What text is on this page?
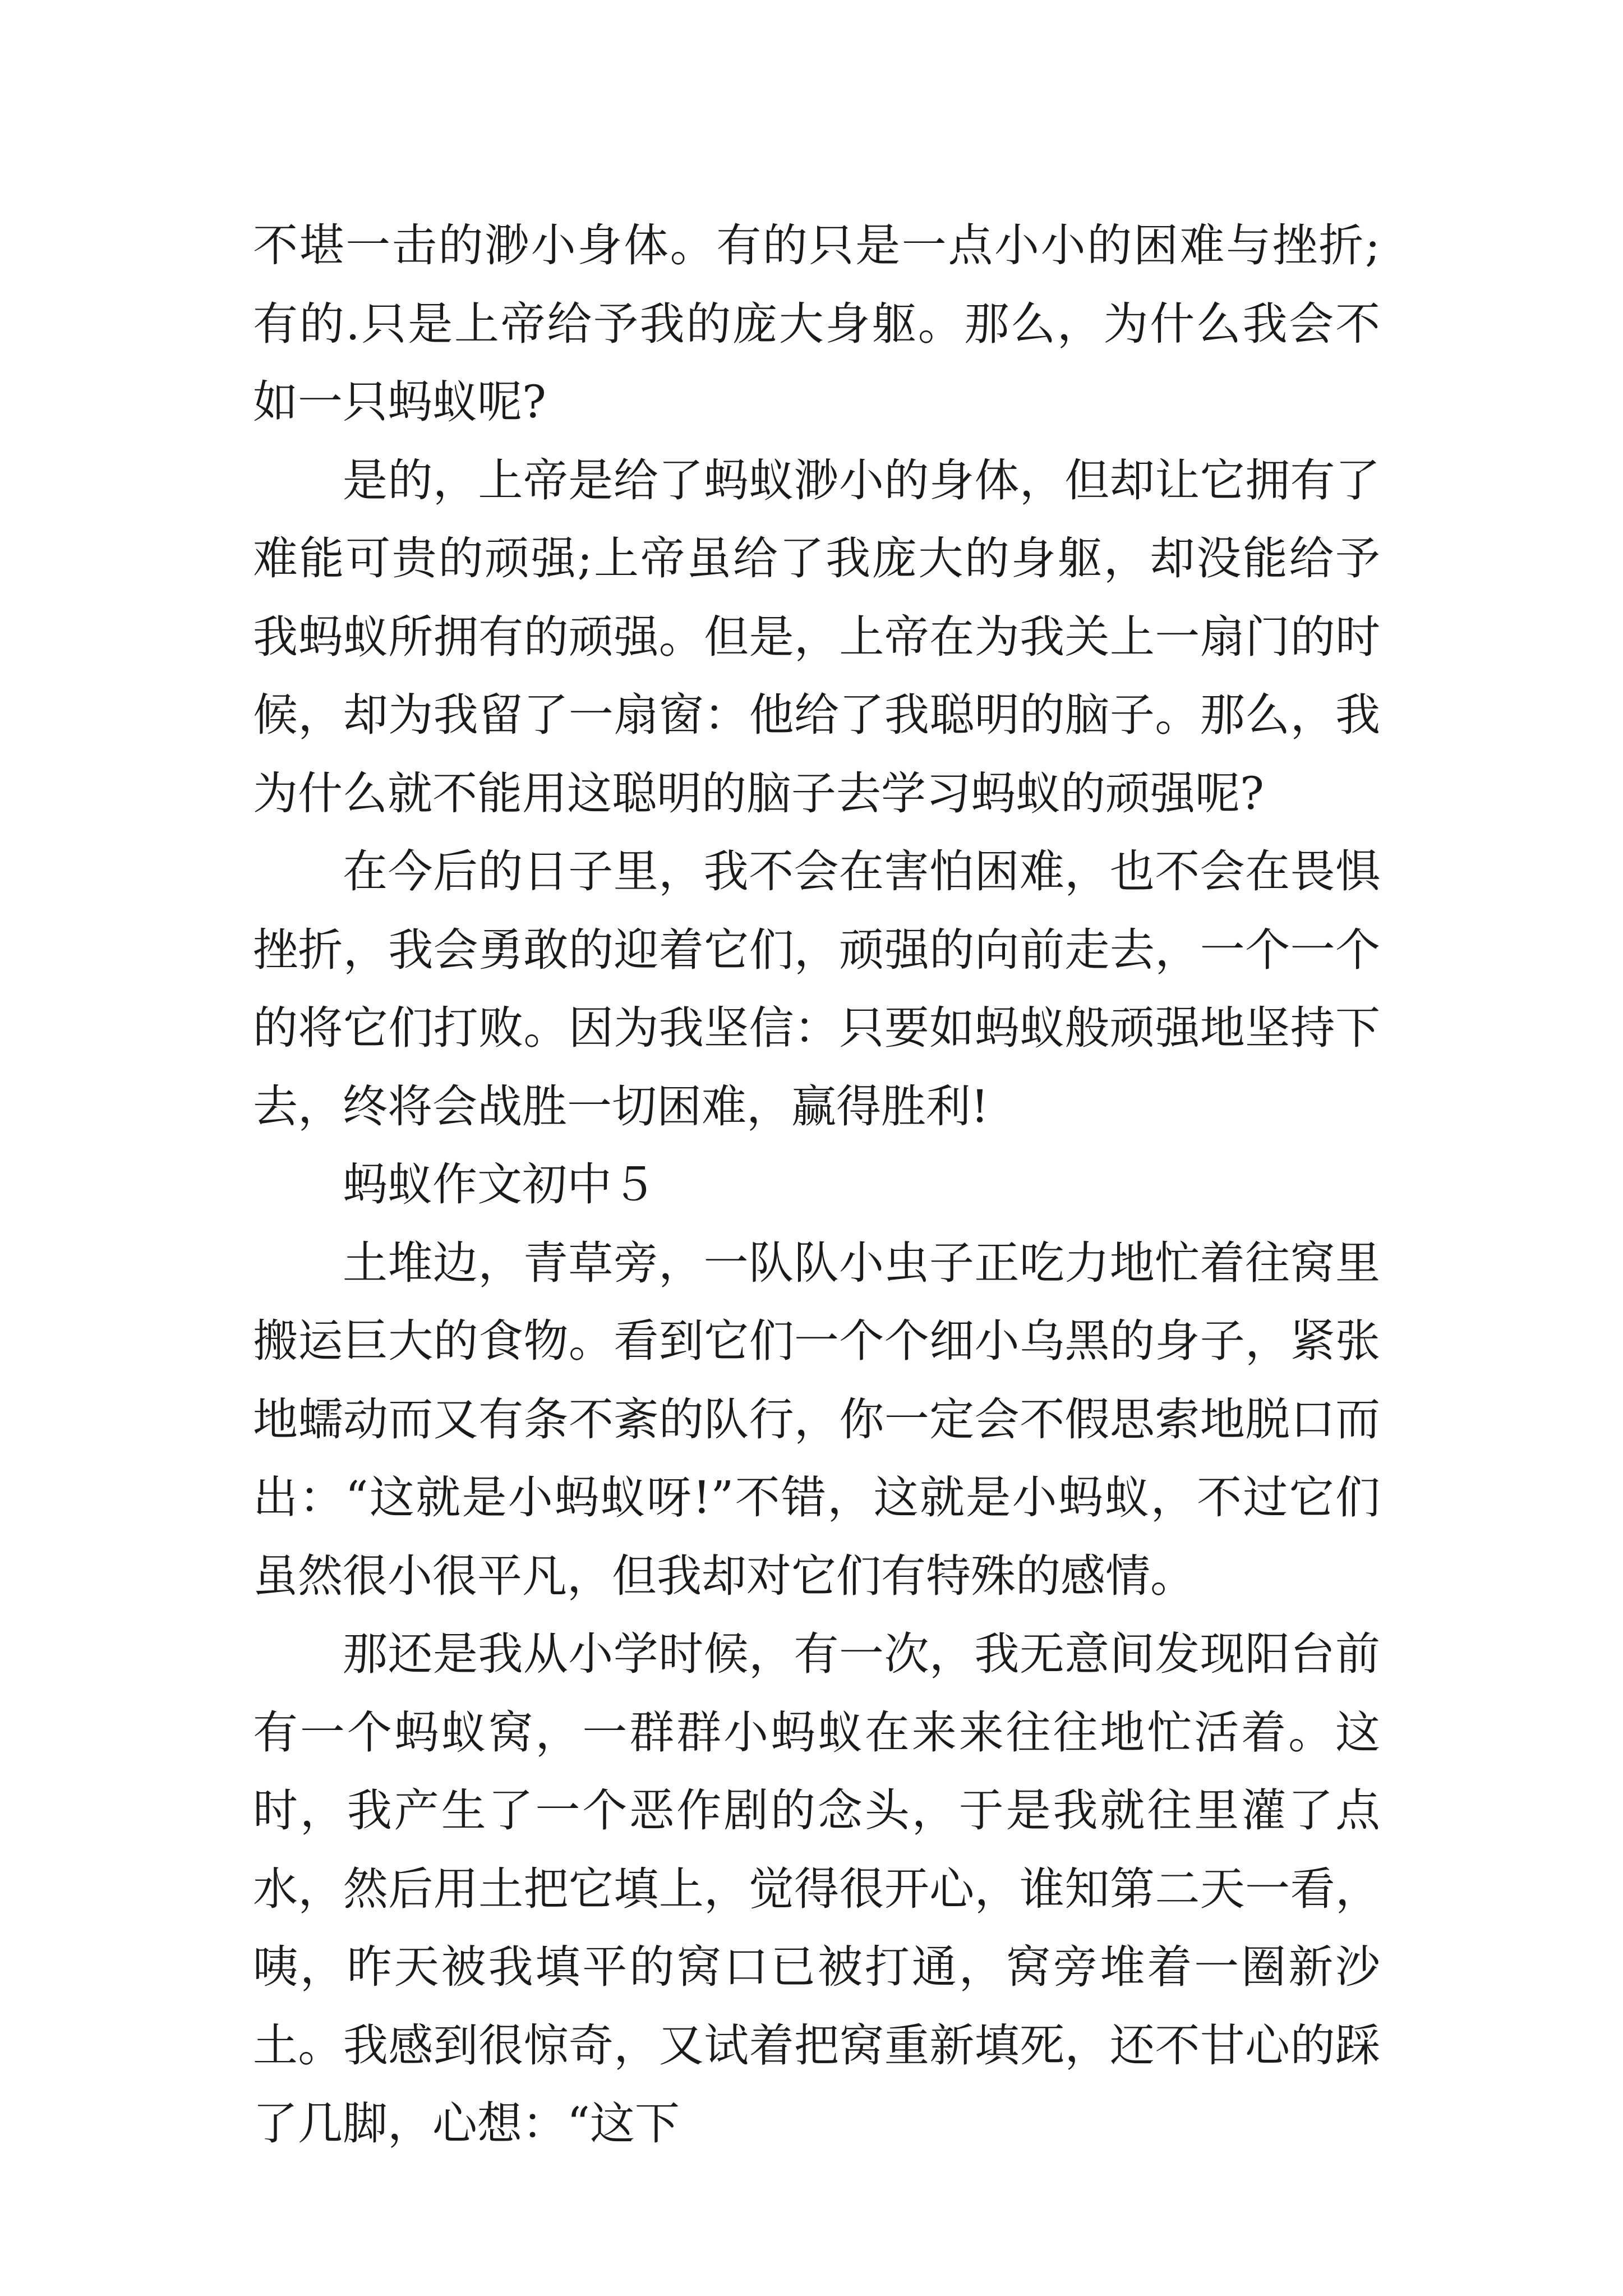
不堪一击的渺小身体。有的只是一点小小的困难与挫折;有的.只是上帝给予我的庞大身躯。那么，为什么我会不如一只蚂蚁呢?

是的，上帝是给了蚂蚁渺小的身体，但却让它拥有了难能可贵的顽强;上帝虽给了我庞大的身躯，却没能给予我蚂蚁所拥有的顽强。但是，上帝在为我关上一扇门的时候，却为我留了一扇窗：他给了我聪明的脑子。那么，我为什么就不能用这聪明的脑子去学习蚂蚁的顽强呢?

在今后的日子里，我不会在害怕困难，也不会在畏惧挫折，我会勇敢的迎着它们，顽强的向前走去，一个一个的将它们打败。因为我坚信：只要如蚂蚁般顽强地坚持下去，终将会战胜一切困难，赢得胜利!

蚂蚁作文初中５

土堆边，青草旁，一队队小虫子正吃力地忙着往窝里搬运巨大的食物。看到它们一个个细小乌黑的身子，紧张地蠕动而又有条不紊的队行，你一定会不假思索地脱口而出：“这就是小蚂蚁呀!”不错，这就是小蚂蚁，不过它们虽然很小很平凡，但我却对它们有特殊的感情。

那还是我从小学时候，有一次，我无意间发现阳台前有一个蚂蚁窝，一群群小蚂蚁在来来往往地忙活着。这时，我产生了一个恶作剧的念头，于是我就往里灌了点水，然后用土把它填上，觉得很开心，谁知第二天一看，咦，昨天被我填平的窝口已被打通，窝旁堆着一圈新沙土。我感到很惊奇，又试着把窝重新填死，还不甘心的踩了几脚，心想：“这下
